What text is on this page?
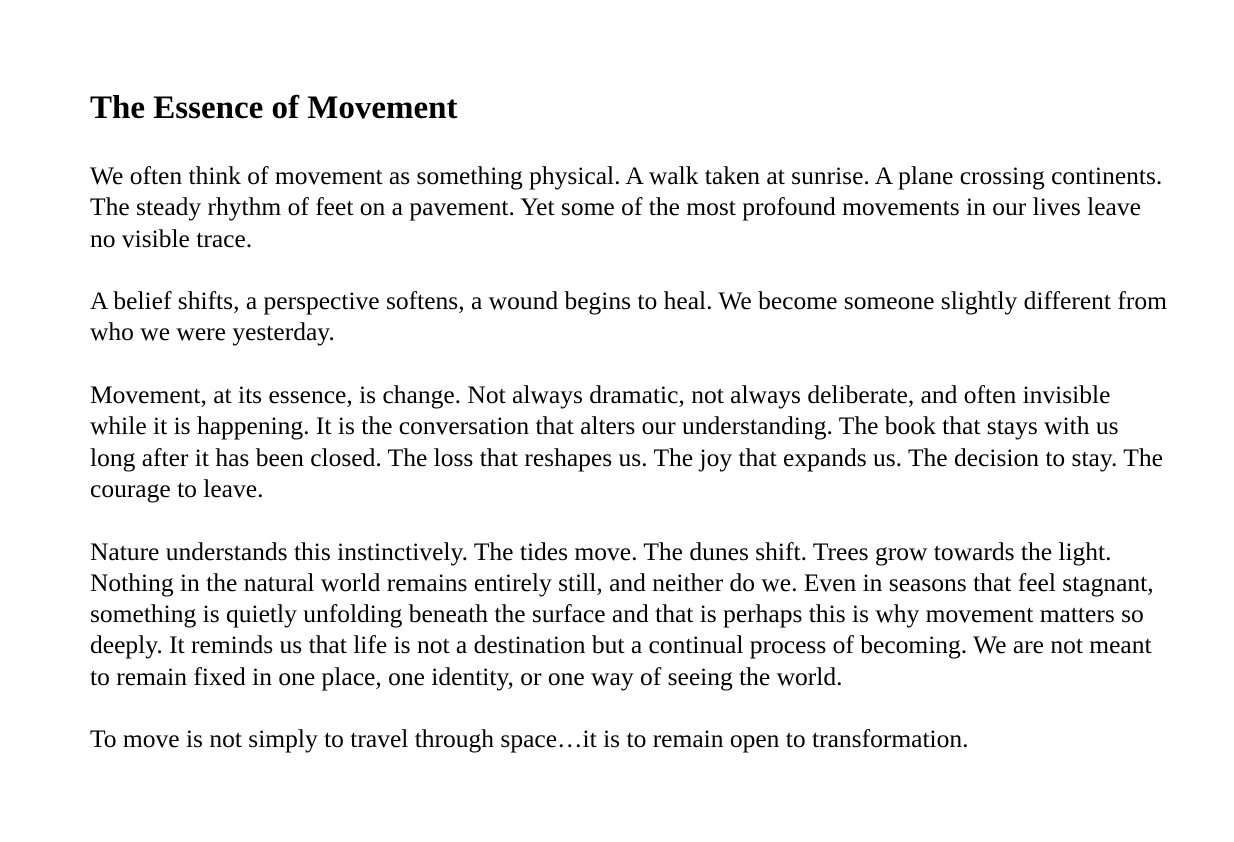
The Essence of Movement

We often think of movement as something physical. A walk taken at sunrise. A plane crossing continents. The steady rhythm of feet on a pavement. Yet some of the most profound movements in our lives leave no visible trace.

A belief shifts, a perspective softens, a wound begins to heal. We become someone slightly different from who we were yesterday.

Movement, at its essence, is change. Not always dramatic, not always deliberate, and often invisible while it is happening. It is the conversation that alters our understanding. The book that stays with us long after it has been closed. The loss that reshapes us. The joy that expands us. The decision to stay. The courage to leave.

Nature understands this instinctively. The tides move. The dunes shift. Trees grow towards the light. Nothing in the natural world remains entirely still, and neither do we. Even in seasons that feel stagnant, something is quietly unfolding beneath the surface and that is perhaps this is why movement matters so deeply. It reminds us that life is not a destination but a continual process of becoming. We are not meant to remain fixed in one place, one identity, or one way of seeing the world.

To move is not simply to travel through space…it is to remain open to transformation.
